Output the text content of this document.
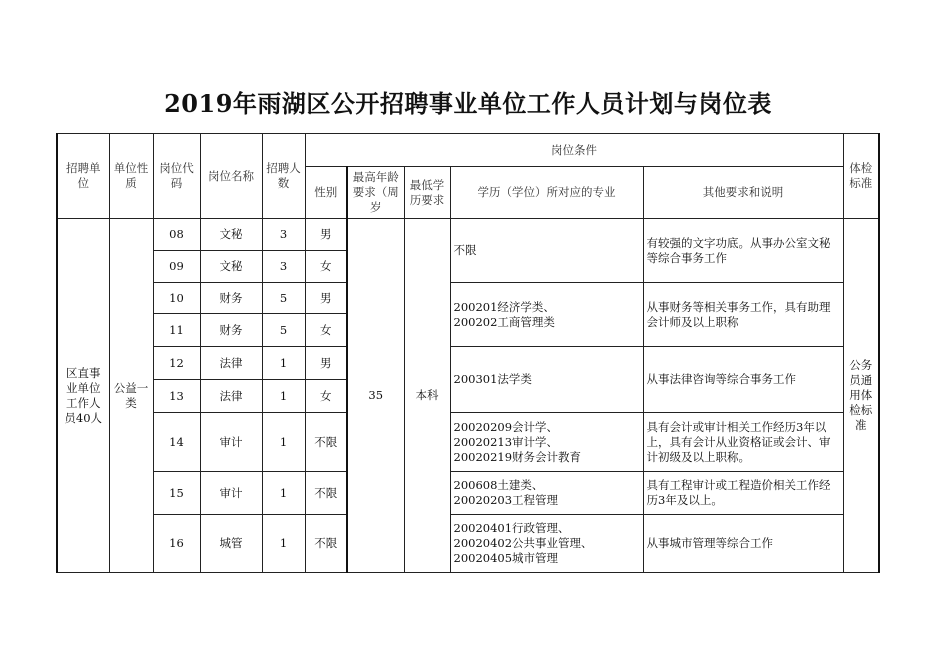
2019年雨湖区公开招聘事业单位工作人员计划与岗位表
招聘单位	单位性质	岗位代码	岗位名称	招聘人数	岗位条件					体检标准
					性别	最高年龄要求（周岁	最低学历要求	学历（学位）所对应的专业	其他要求和说明	
区直事业单位工作人员40人	公益一类	08	文秘	3	男	35	本科	不限	有较强的文字功底。从事办公室文秘等综合事务工作	公务员通用体检标准
		09	文秘	3	女					
		10	财务	5	男			200201经济学类、
200202工商管理类	从事财务等相关事务工作，具有助理会计师及以上职称	
		11	财务	5	女					
		12	法律	1	男			200301法学类	从事法律咨询等综合事务工作	
		13	法律	1	女					
		14	审计	1	不限			20020209会计学、
20020213审计学、
20020219财务会计教育	具有会计或审计相关工作经历3年以上，具有会计从业资格证或会计、审计初级及以上职称。	
		15	审计	1	不限			200608土建类、
20020203工程管理	具有工程审计或工程造价相关工作经历3年及以上。	
		16	城管	1	不限			20020401行政管理、
20020402公共事业管理、
20020405城市管理	从事城市管理等综合工作	
